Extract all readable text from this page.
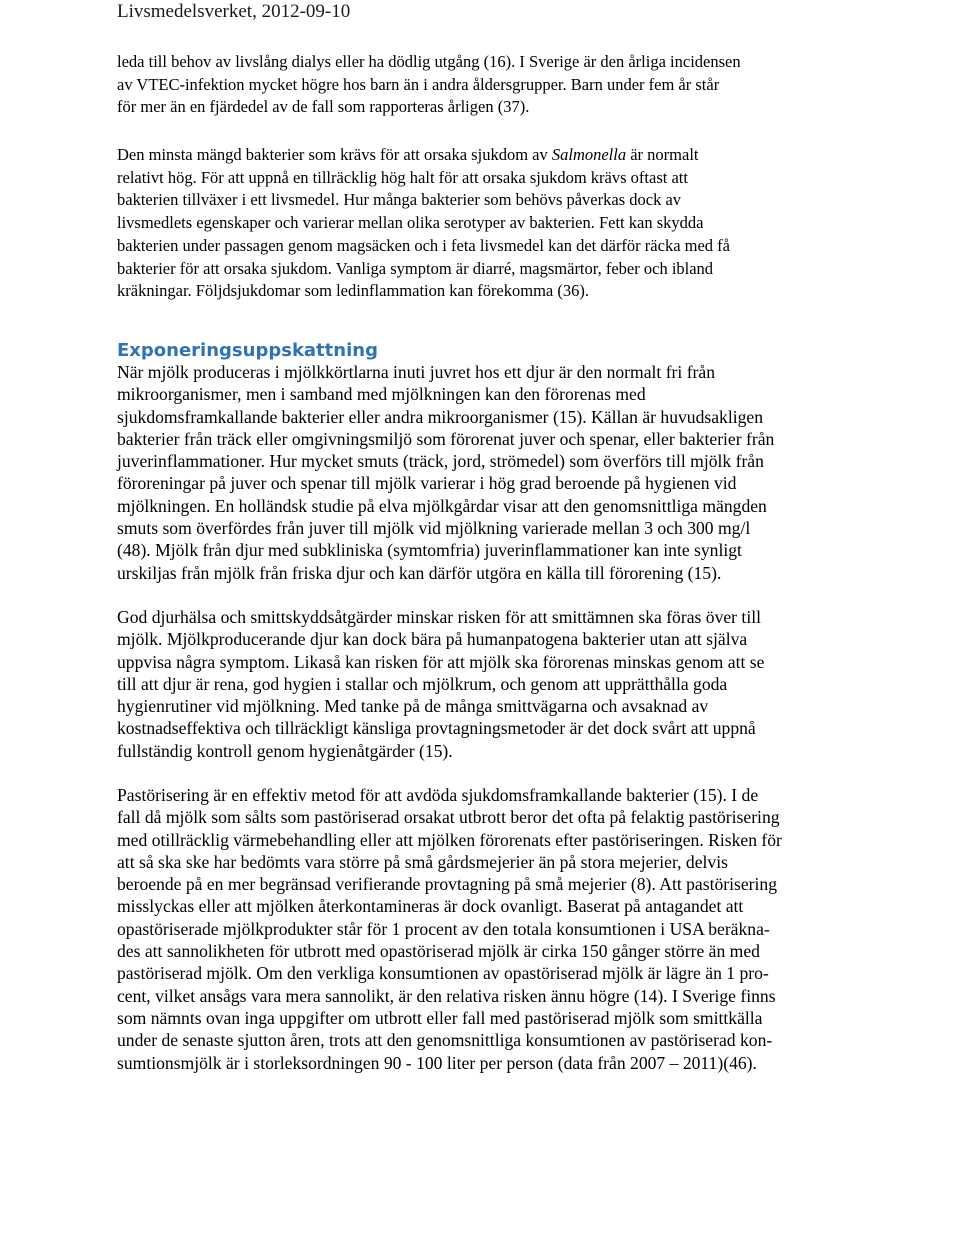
Livsmedelsverket, 2012-09-10
leda till behov av livslång dialys eller ha dödlig utgång (16). I Sverige är den årliga incidensen
av VTEC-infektion mycket högre hos barn än i andra åldersgrupper. Barn under fem år står
för mer än en fjärdedel av de fall som rapporteras årligen (37).
Den minsta mängd bakterier som krävs för att orsaka sjukdom av Salmonella är normalt
relativt hög. För att uppnå en tillräcklig hög halt för att orsaka sjukdom krävs oftast att
bakterien tillväxer i ett livsmedel. Hur många bakterier som behövs påverkas dock av
livsmedlets egenskaper och varierar mellan olika serotyper av bakterien. Fett kan skydda
bakterien under passagen genom magsäcken och i feta livsmedel kan det därför räcka med få
bakterier för att orsaka sjukdom. Vanliga symptom är diarré, magsmärtor, feber och ibland
kräkningar. Följdsjukdomar som ledinflammation kan förekomma (36).
Exponeringsuppskattning
När mjölk produceras i mjölkkörtlarna inuti juvret hos ett djur är den normalt fri från
mikroorganismer, men i samband med mjölkningen kan den förorenas med
sjukdomsframkallande bakterier eller andra mikroorganismer (15). Källan är huvudsakligen
bakterier från träck eller omgivningsmiljö som förorenat juver och spenar, eller bakterier från
juverinflammationer. Hur mycket smuts (träck, jord, strömedel) som överförs till mjölk från
föroreningar på juver och spenar till mjölk varierar i hög grad beroende på hygienen vid
mjölkningen. En holländsk studie på elva mjölkgårdar visar att den genomsnittliga mängden
smuts som överfördes från juver till mjölk vid mjölkning varierade mellan 3 och 300 mg/l
(48). Mjölk från djur med subkliniska (symtomfria) juverinflammationer kan inte synligt
urskiljas från mjölk från friska djur och kan därför utgöra en källa till förorening (15).
God djurhälsa och smittskyddsåtgärder minskar risken för att smittämnen ska föras över till
mjölk. Mjölkproducerande djur kan dock bära på humanpatogena bakterier utan att själva
uppvisa några symptom. Likaså kan risken för att mjölk ska förorenas minskas genom att se
till att djur är rena, god hygien i stallar och mjölkrum, och genom att upprätthålla goda
hygienrutiner vid mjölkning. Med tanke på de många smittvägarna och avsaknad av
kostnadseffektiva och tillräckligt känsliga provtagningsmetoder är det dock svårt att uppnå
fullständig kontroll genom hygienåtgärder (15).
Pastörisering är en effektiv metod för att avdöda sjukdomsframkallande bakterier (15). I de
fall då mjölk som sålts som pastöriserad orsakat utbrott beror det ofta på felaktig pastörisering
med otillräcklig värmebehandling eller att mjölken förorenats efter pastöriseringen. Risken för
att så ska ske har bedömts vara större på små gårdsmejerier än på stora mejerier, delvis
beroende på en mer begränsad verifierande provtagning på små mejerier (8). Att pastörisering
misslyckas eller att mjölken återkontamineras är dock ovanligt. Baserat på antagandet att
opastöriserade mjölkprodukter står för 1 procent av den totala konsumtionen i USA beräkna-
des att sannolikheten för utbrott med opastöriserad mjölk är cirka 150 gånger större än med
pastöriserad mjölk. Om den verkliga konsumtionen av opastöriserad mjölk är lägre än 1 pro-
cent, vilket ansågs vara mera sannolikt, är den relativa risken ännu högre (14). I Sverige finns
som nämnts ovan inga uppgifter om utbrott eller fall med pastöriserad mjölk som smittkälla
under de senaste sjutton åren, trots att den genomsnittliga konsumtionen av pastöriserad kon-
sumtionsmjölk är i storleksordningen 90 - 100 liter per person (data från 2007 – 2011)(46).
